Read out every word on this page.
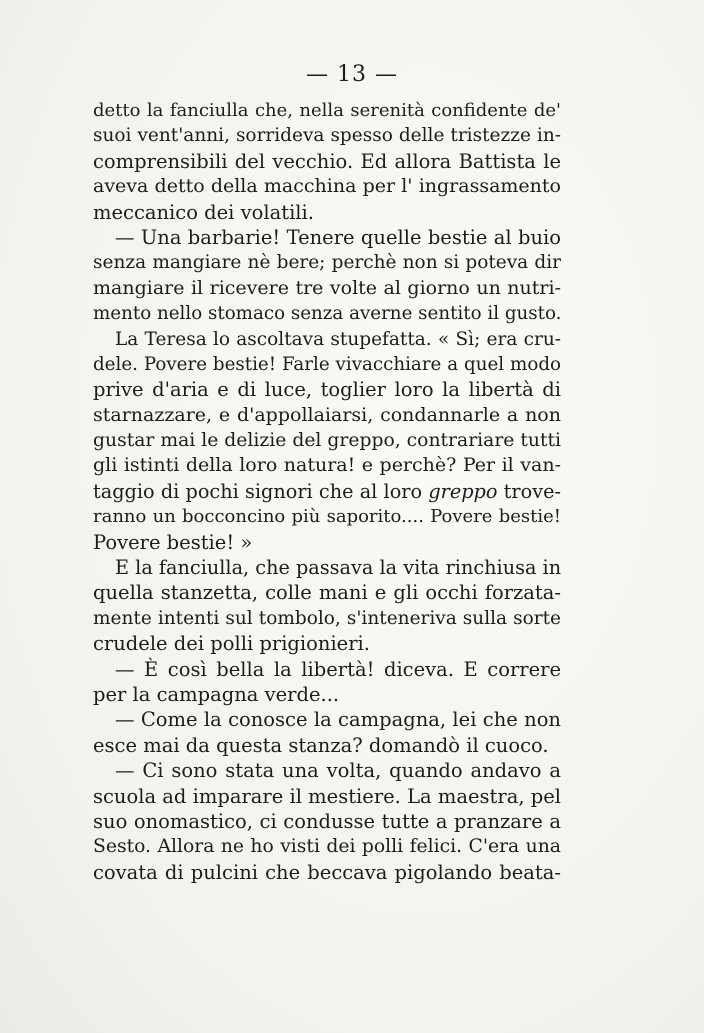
— 13 —
detto la fanciulla che, nella serenità confidente de'
suoi vent'anni, sorrideva spesso delle tristezze in-
comprensibili del vecchio. Ed allora Battista le
aveva detto della macchina per l' ingrassamento
meccanico dei volatili.
— Una barbarie! Tenere quelle bestie al buio
senza mangiare nè bere; perchè non si poteva dir
mangiare il ricevere tre volte al giorno un nutri-
mento nello stomaco senza averne sentito il gusto.
La Teresa lo ascoltava stupefatta. « Sì; era cru-
dele. Povere bestie! Farle vivacchiare a quel modo
prive d'aria e di luce, toglier loro la libertà di
starnazzare, e d'appollaiarsi, condannarle a non
gustar mai le delizie del greppo, contrariare tutti
gli istinti della loro natura! e perchè? Per il van-
taggio di pochi signori che al loro greppo trove-
ranno un bocconcino più saporito.... Povere bestie!
Povere bestie! »
E la fanciulla, che passava la vita rinchiusa in
quella stanzetta, colle mani e gli occhi forzata-
mente intenti sul tombolo, s'inteneriva sulla sorte
crudele dei polli prigionieri.
— È così bella la libertà! diceva. E correre
per la campagna verde...
— Come la conosce la campagna, lei che non
esce mai da questa stanza? domandò il cuoco.
— Ci sono stata una volta, quando andavo a
scuola ad imparare il mestiere. La maestra, pel
suo onomastico, ci condusse tutte a pranzare a
Sesto. Allora ne ho visti dei polli felici. C'era una
covata di pulcini che beccava pigolando beata-
